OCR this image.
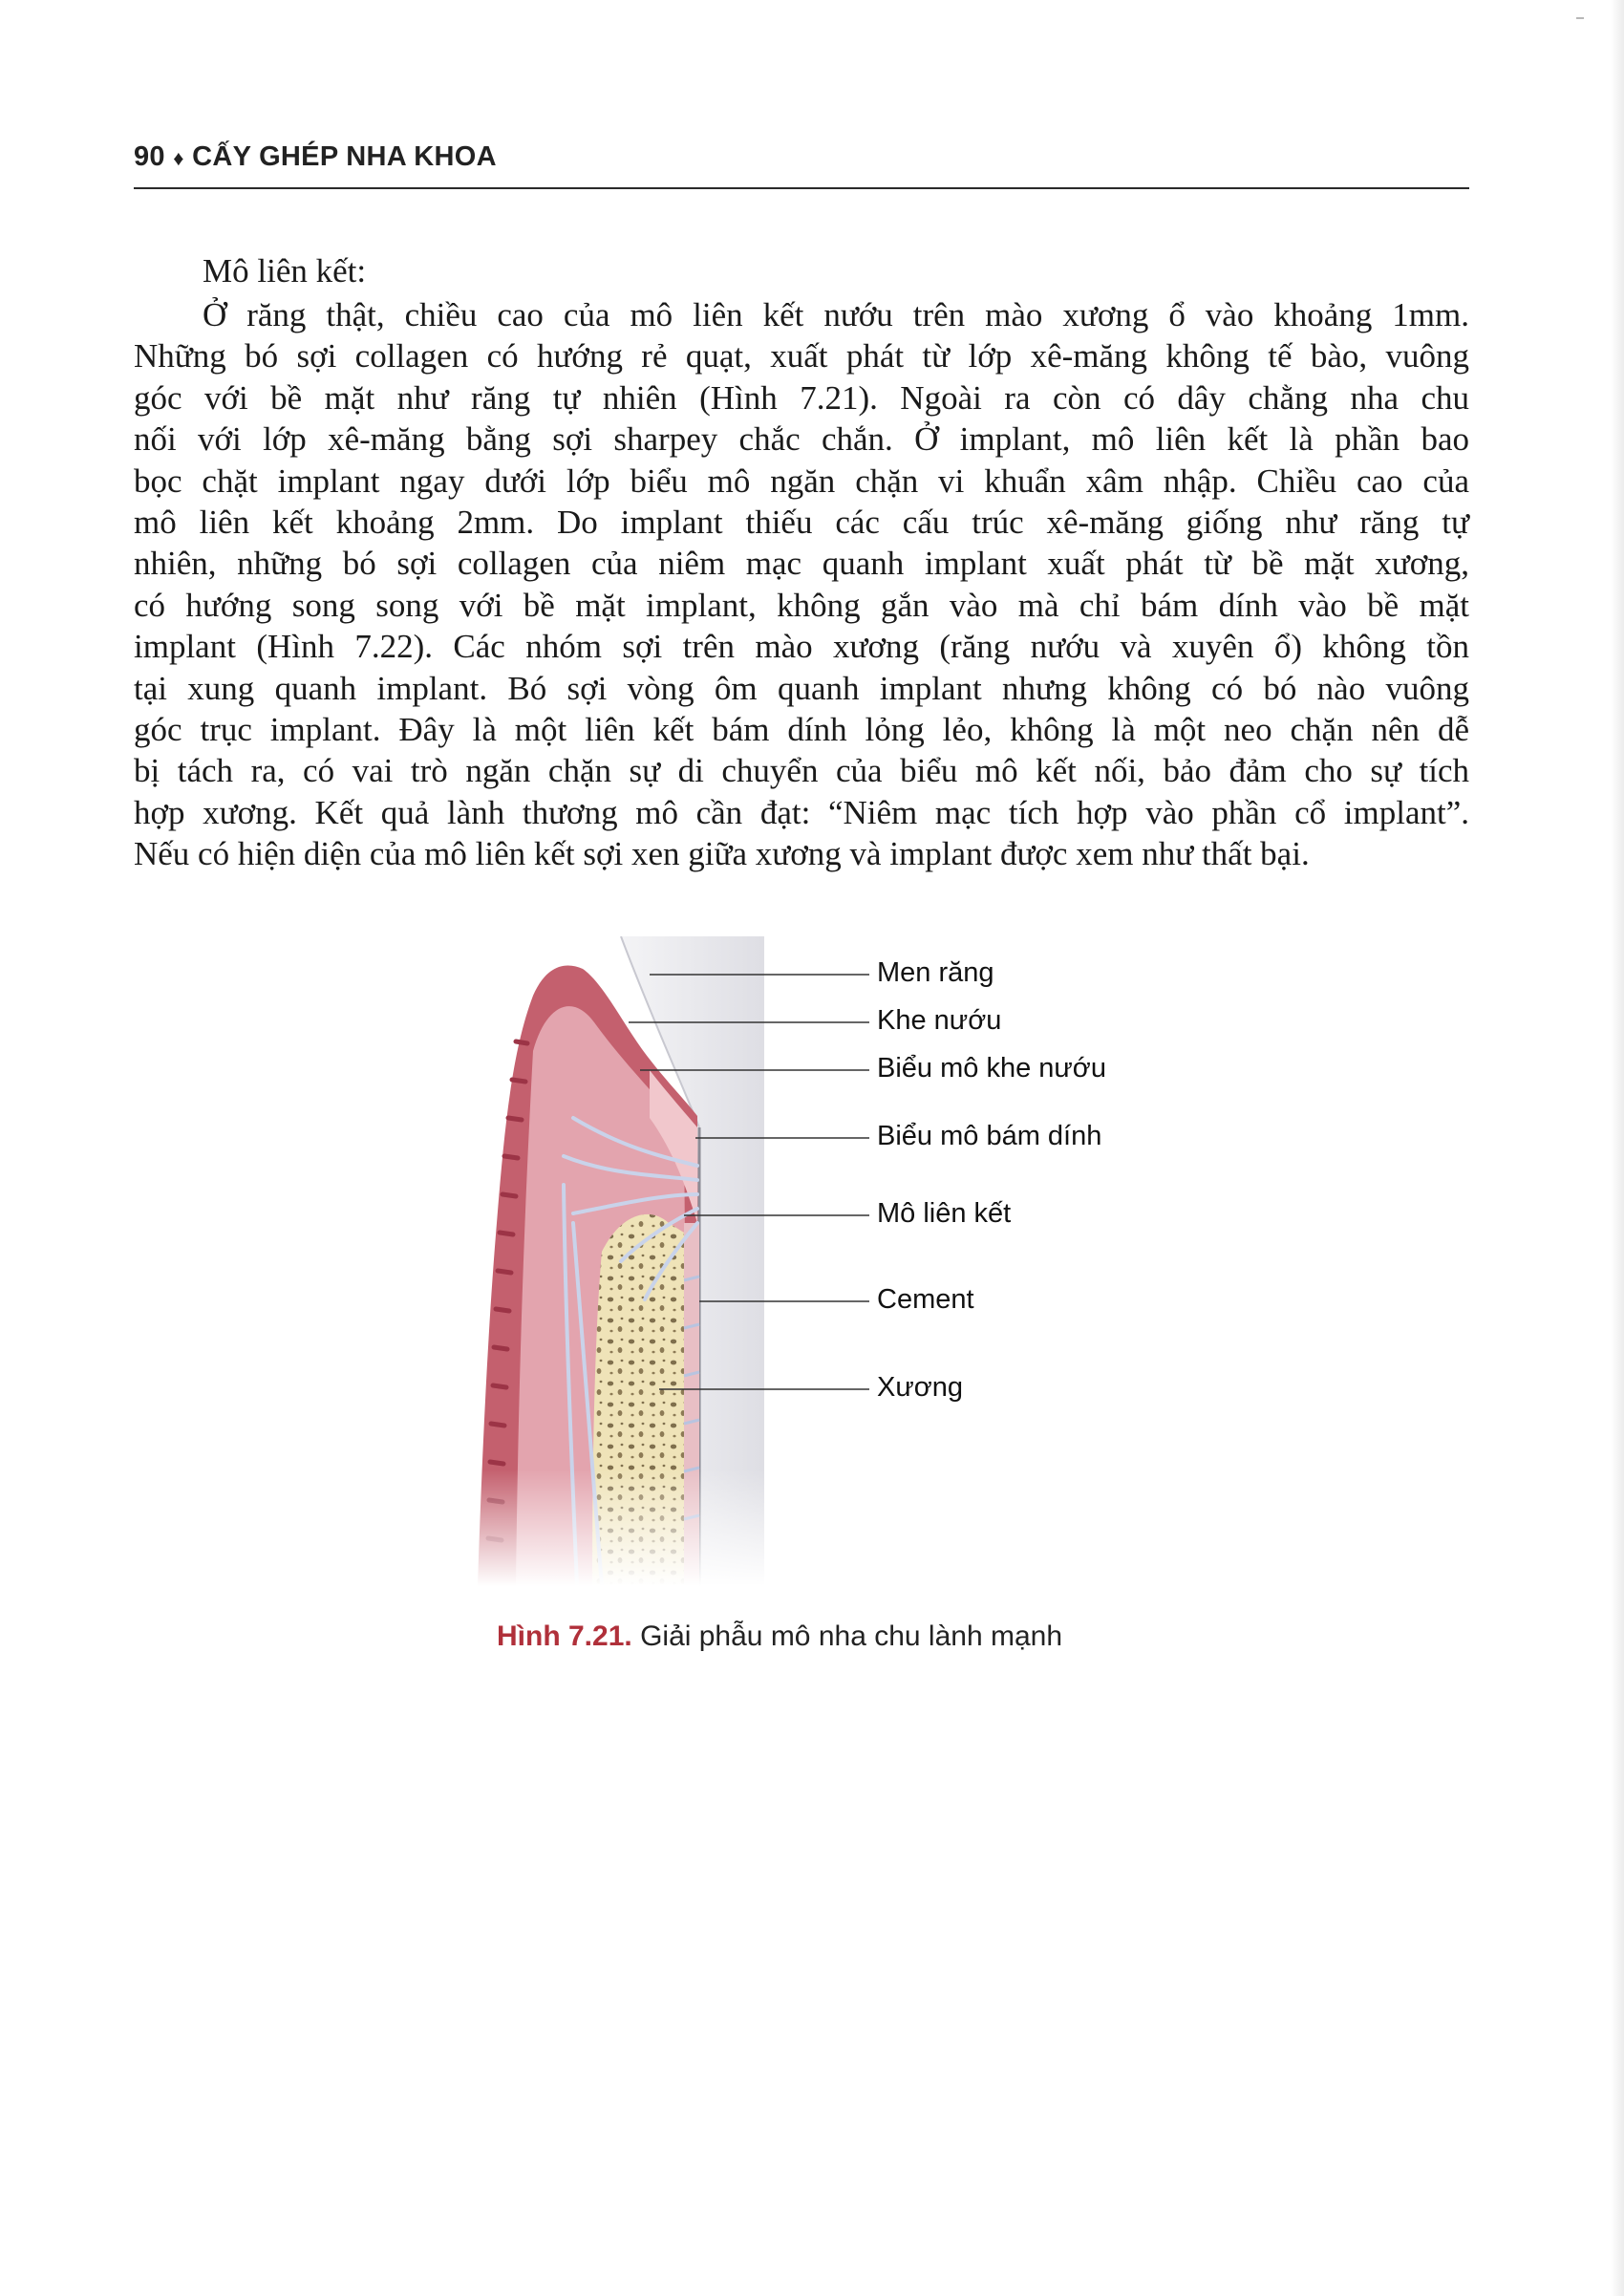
90 ♦ CẤY GHÉP NHA KHOA
Mô liên kết:
Ở răng thật, chiều cao của mô liên kết nướu trên mào xương ổ vào khoảng 1mm.
Những bó sợi collagen có hướng rẻ quạt, xuất phát từ lớp xê-măng không tế bào, vuông
góc với bề mặt như răng tự nhiên (Hình 7.21). Ngoài ra còn có dây chằng nha chu
nối với lớp xê-măng bằng sợi sharpey chắc chắn. Ở implant, mô liên kết là phần bao
bọc chặt implant ngay dưới lớp biểu mô ngăn chặn vi khuẩn xâm nhập. Chiều cao của
mô liên kết khoảng 2mm. Do implant thiếu các cấu trúc xê-măng giống như răng tự
nhiên, những bó sợi collagen của niêm mạc quanh implant xuất phát từ bề mặt xương,
có hướng song song với bề mặt implant, không gắn vào mà chỉ bám dính vào bề mặt
implant (Hình 7.22). Các nhóm sợi trên mào xương (răng nướu và xuyên ổ) không tồn
tại xung quanh implant. Bó sợi vòng ôm quanh implant nhưng không có bó nào vuông
góc trục implant. Đây là một liên kết bám dính lỏng lẻo, không là một neo chặn nên dễ
bị tách ra, có vai trò ngăn chặn sự di chuyển của biểu mô kết nối, bảo đảm cho sự tích
hợp xương. Kết quả lành thương mô cần đạt: “Niêm mạc tích hợp vào phần cổ implant”.
Nếu có hiện diện của mô liên kết sợi xen giữa xương và implant được xem như thất bại.
Men răng
Khe nướu
Biểu mô khe nướu
Biểu mô bám dính
Mô liên kết
Cement
Xương
Hình 7.21. Giải phẫu mô nha chu lành mạnh
